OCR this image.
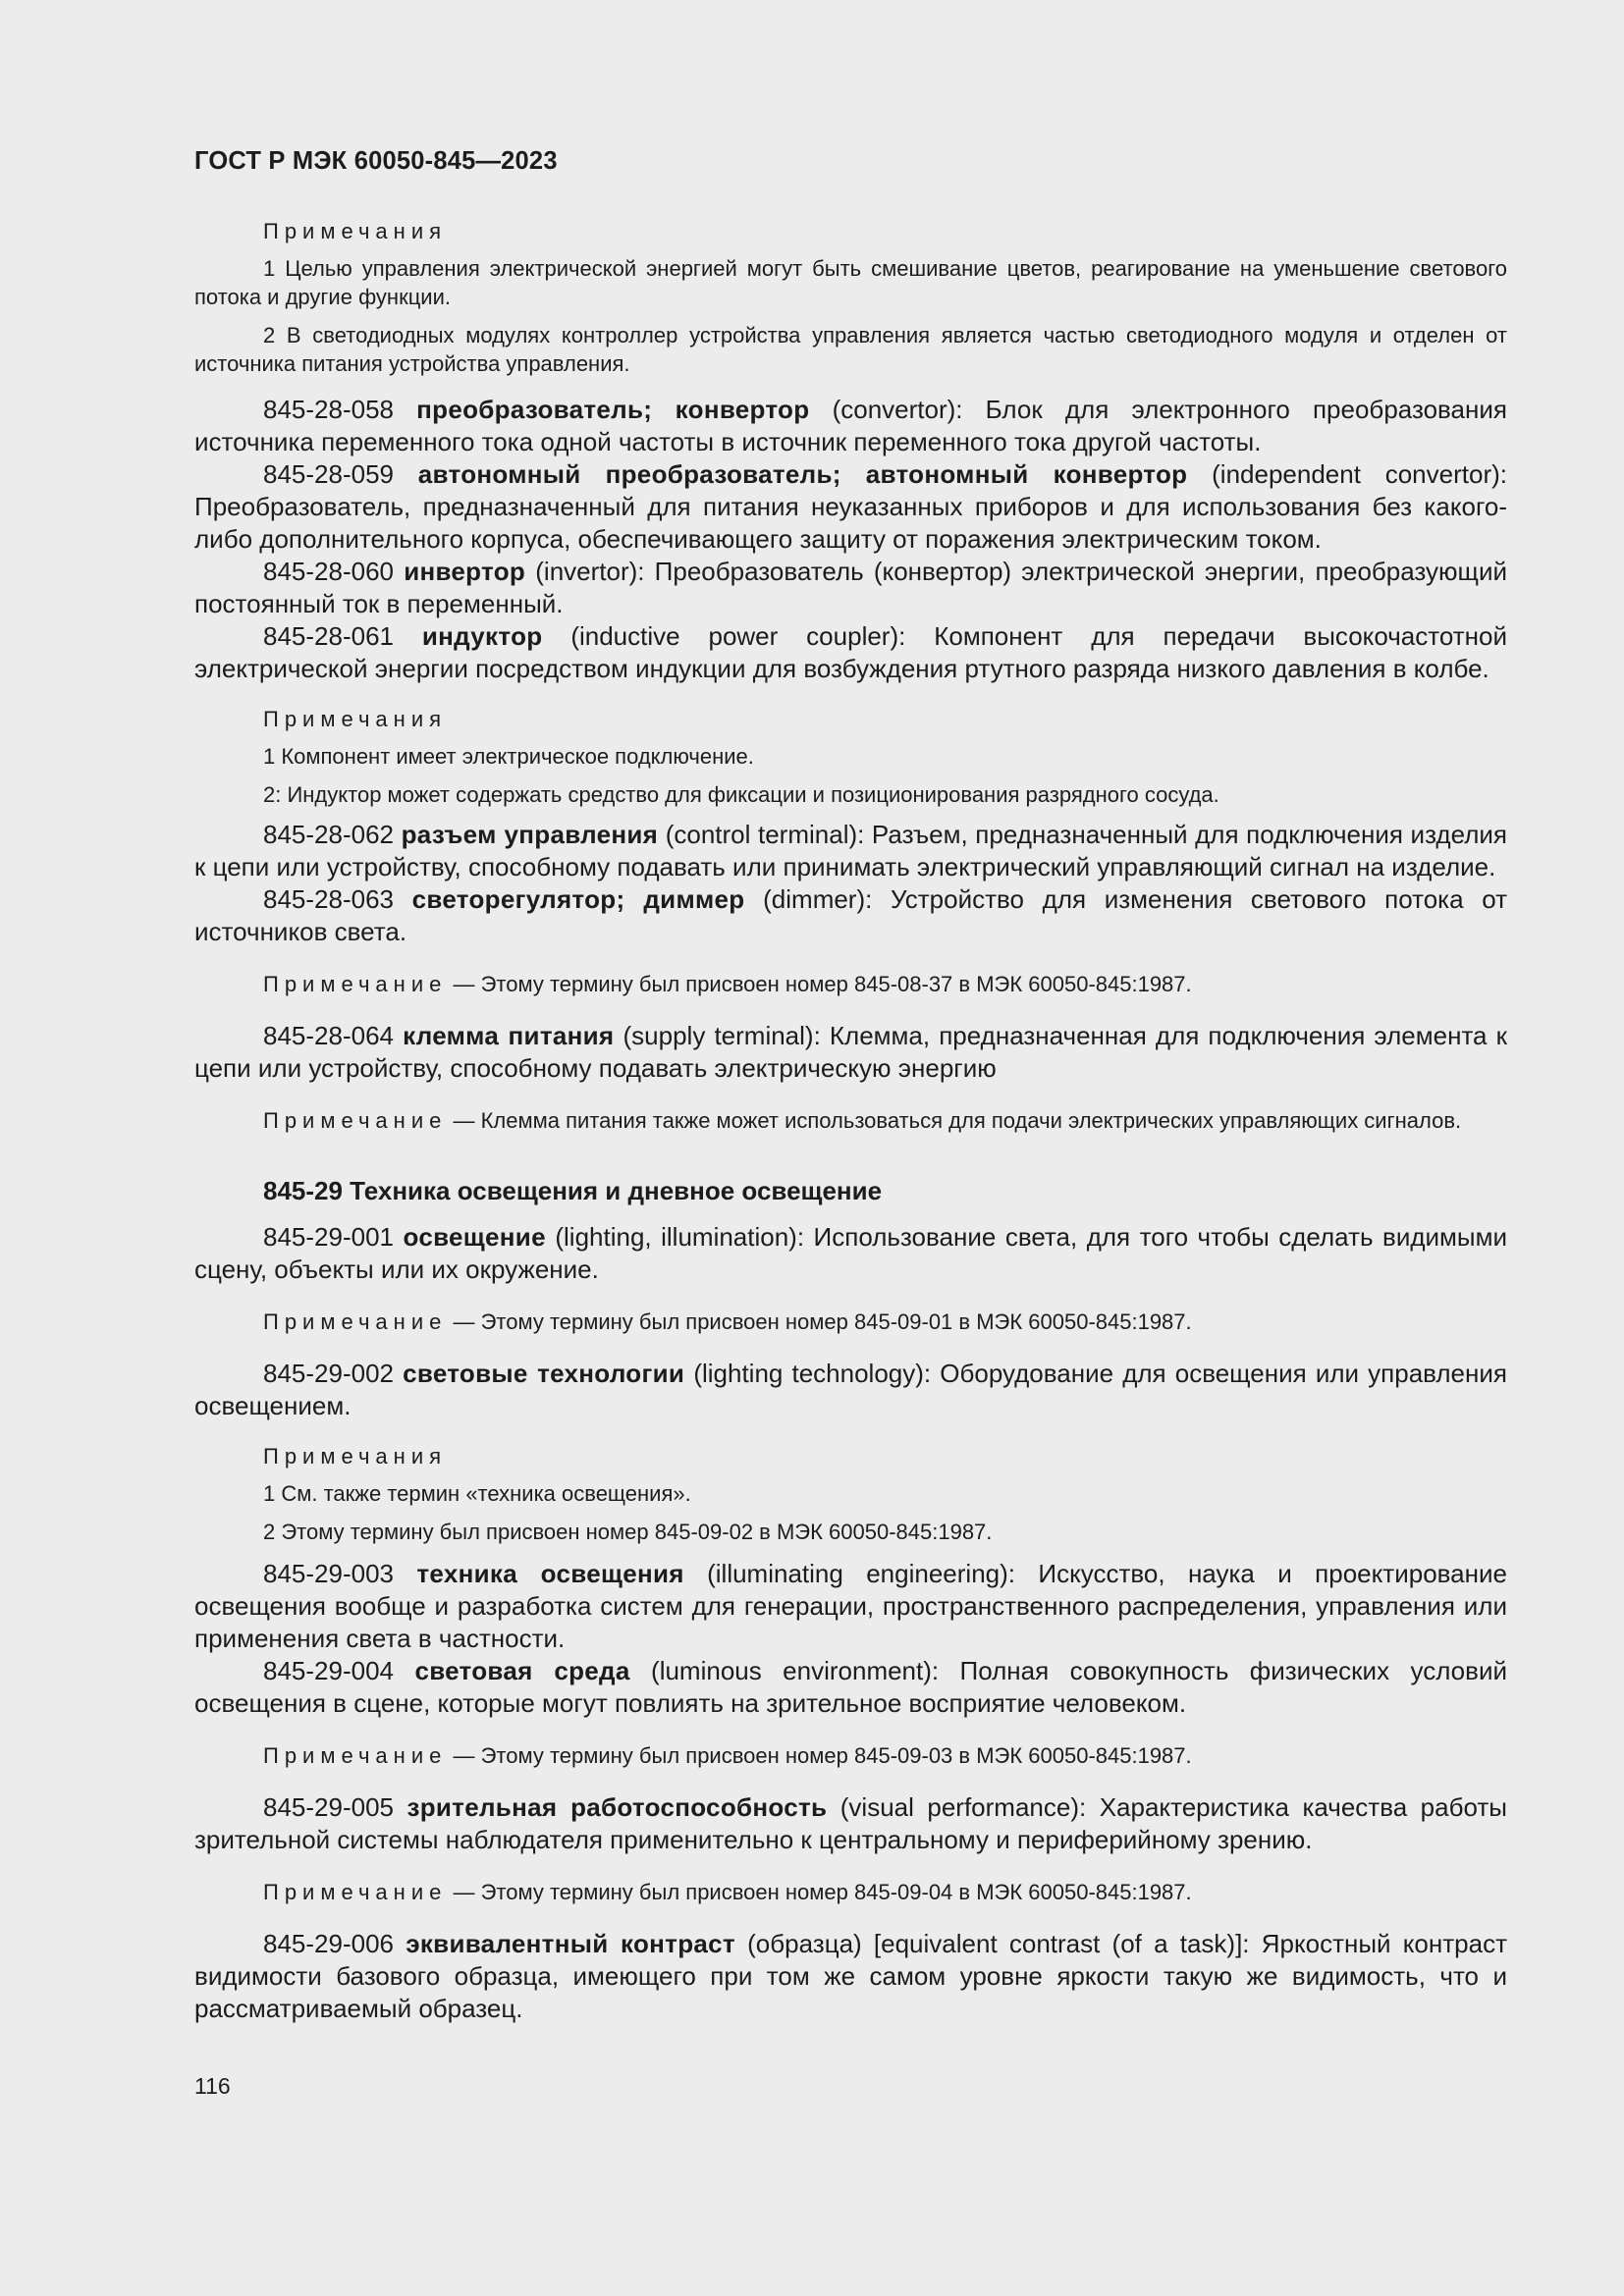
ГОСТ Р МЭК 60050-845—2023

Примечания

1 Целью управления электрической энергией могут быть смешивание цветов, реагирование на уменьшение светового потока и другие функции.

2 В светодиодных модулях контроллер устройства управления является частью светодиодного модуля и отделен от источника питания устройства управления.

845-28-058 преобразователь; конвертор (convertor): Блок для электронного преобразования источника переменного тока одной частоты в источник переменного тока другой частоты.

845-28-059 автономный преобразователь; автономный конвертор (independent convertor): Преобразователь, предназначенный для питания неуказанных приборов и для использования без какого-либо дополнительного корпуса, обеспечивающего защиту от поражения электрическим током.

845-28-060 инвертор (invertor): Преобразователь (конвертор) электрической энергии, преобразующий постоянный ток в переменный.

845-28-061 индуктор (inductive power coupler): Компонент для передачи высокочастотной электрической энергии посредством индукции для возбуждения ртутного разряда низкого давления в колбе.

Примечания

1 Компонент имеет электрическое подключение.

2: Индуктор может содержать средство для фиксации и позиционирования разрядного сосуда.

845-28-062 разъем управления (control terminal): Разъем, предназначенный для подключения изделия к цепи или устройству, способному подавать или принимать электрический управляющий сигнал на изделие.

845-28-063 светорегулятор; диммер (dimmer): Устройство для изменения светового потока от источников света.

Примечание — Этому термину был присвоен номер 845-08-37 в МЭК 60050-845:1987.

845-28-064 клемма питания (supply terminal): Клемма, предназначенная для подключения элемента к цепи или устройству, способному подавать электрическую энергию

Примечание — Клемма питания также может использоваться для подачи электрических управляющих сигналов.

845-29 Техника освещения и дневное освещение

845-29-001 освещение (lighting, illumination): Использование света, для того чтобы сделать видимыми сцену, объекты или их окружение.

Примечание — Этому термину был присвоен номер 845-09-01 в МЭК 60050-845:1987.

845-29-002 световые технологии (lighting technology): Оборудование для освещения или управления освещением.

Примечания

1 См. также термин «техника освещения».

2 Этому термину был присвоен номер 845-09-02 в МЭК 60050-845:1987.

845-29-003 техника освещения (illuminating engineering): Искусство, наука и проектирование освещения вообще и разработка систем для генерации, пространственного распределения, управления или применения света в частности.

845-29-004 световая среда (luminous environment): Полная совокупность физических условий освещения в сцене, которые могут повлиять на зрительное восприятие человеком.

Примечание — Этому термину был присвоен номер 845-09-03 в МЭК 60050-845:1987.

845-29-005 зрительная работоспособность (visual performance): Характеристика качества работы зрительной системы наблюдателя применительно к центральному и периферийному зрению.

Примечание — Этому термину был присвоен номер 845-09-04 в МЭК 60050-845:1987.

845-29-006 эквивалентный контраст (образца) [equivalent contrast (of a task)]: Яркостный контраст видимости базового образца, имеющего при том же самом уровне яркости такую же видимость, что и рассматриваемый образец.

116
